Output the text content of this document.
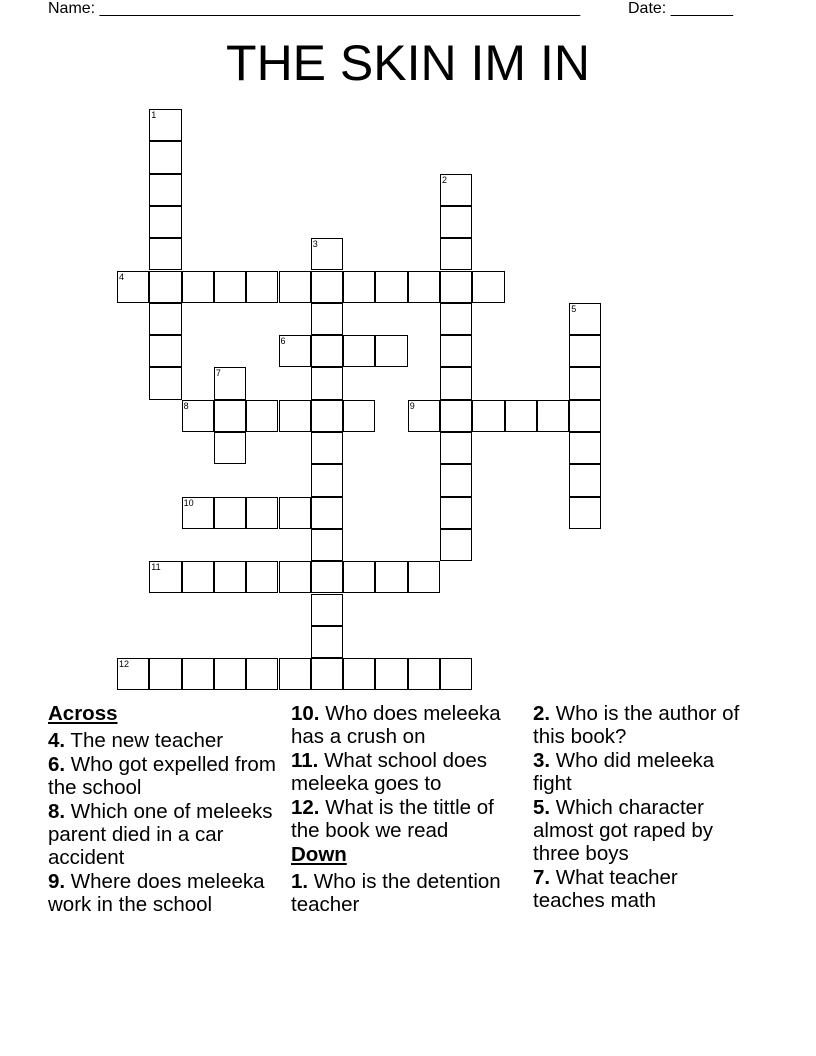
Name: ______________________________________________________	Date: _______
THE SKIN IM IN
4
6
8	9
10
11
12
1
2
3
5
7
Across
4. The new teacher
6. Who got expelled from the school
8. Which one of meleeks parent died in a car accident
9. Where does meleeka work in the school
10. Who does meleeka has a crush on
11. What school does meleeka goes to
12. What is the tittle of the book we read
Down
1. Who is the detention teacher
2. Who is the author of this book?
3. Who did meleeka fight
5. Which character almost got raped by three boys
7. What teacher teaches math
